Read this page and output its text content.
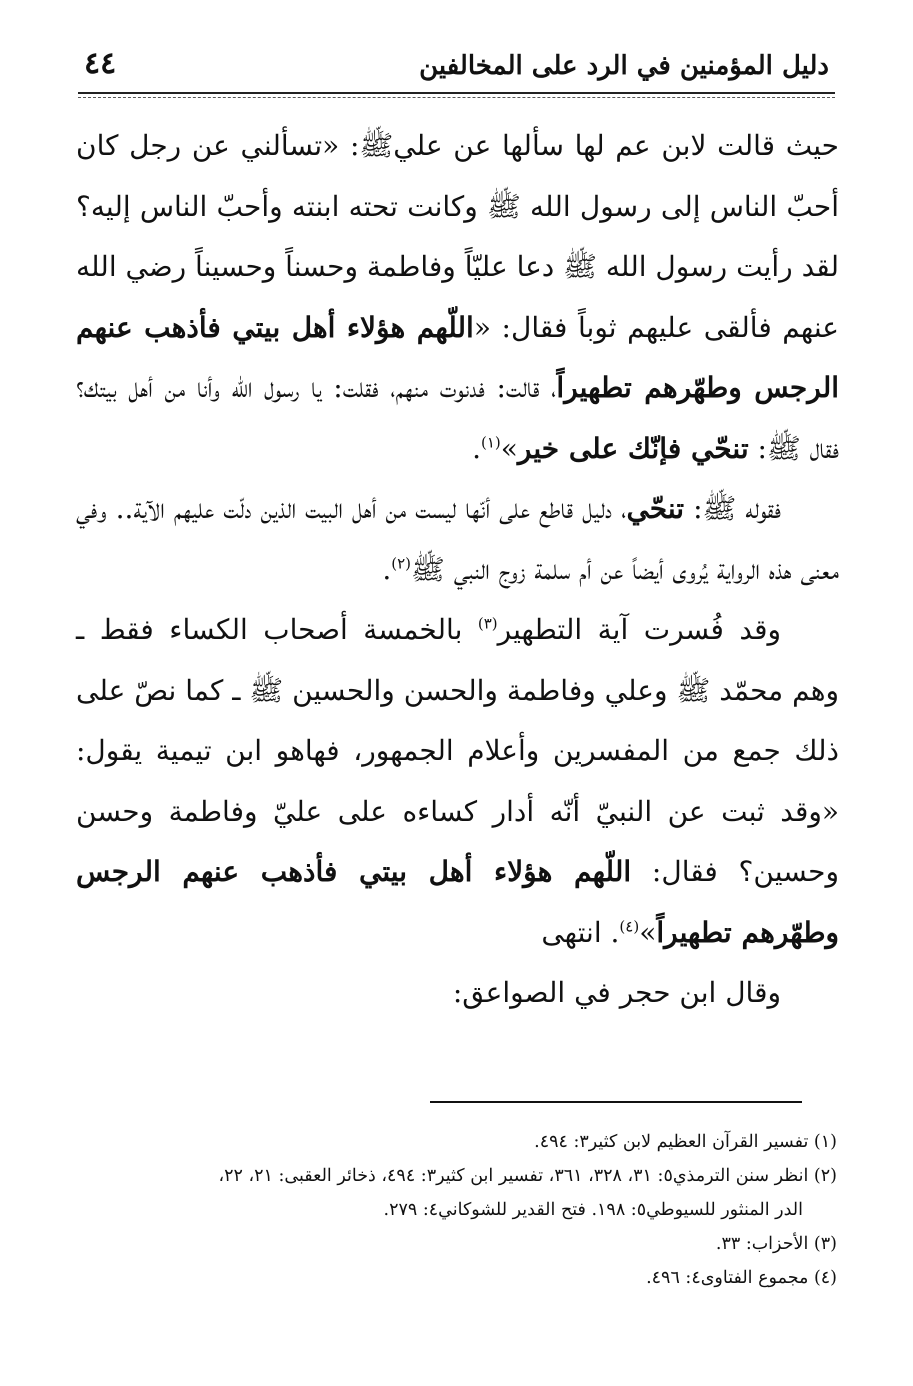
٤٤	دليل المؤمنين في الرد على المخالفين

حيث قالت لابن عم لها سألها عن عليﷺ: «تسألني عن رجل كان أحبّ الناس إلى رسول الله ﷺ وكانت تحته ابنته وأحبّ الناس إليه؟ لقد رأيت رسول الله ﷺ دعا عليّاً وفاطمة وحسناً وحسيناً رضي الله عنهم فألقى عليهم ثوباً فقال: «اللّهم هؤلاء أهل بيتي فأذهب عنهم الرجس وطهّرهم تطهيراً، قالت: فدنوت منهم، فقلت: يا رسول الله وأنا من أهل بيتك؟ فقال ﷺ: تنحّي فإنّك على خير»$^{(١)}$.

فقوله ﷺ: تنحّي، دليل قاطع على أنّها ليست من أهل البيت الذين دلّت عليهم الآية.. وفي معنى هذه الرواية يُروى أيضاً عن أم سلمة زوج النبي ﷺ$^{(٢)}$.

وقد فُسرت آية التطهير$^{(٣)}$ بالخمسة أصحاب الكساء فقط ـ وهم محمّد ﷺ وعلي وفاطمة والحسن والحسين ﷺ ـ كما نصّ على ذلك جمع من المفسرين وأعلام الجمهور، فهاهو ابن تيمية يقول: «وقد ثبت عن النبيّ أنّه أدار كساءه على عليّ وفاطمة وحسن وحسين؟ فقال: اللّهم هؤلاء أهل بيتي فأذهب عنهم الرجس وطهّرهم تطهيراً»$^{(٤)}$. انتهى

وقال ابن حجر في الصواعق:

(١) تفسير القرآن العظيم لابن كثير٣: ٤٩٤.

(٢) انظر سنن الترمذي٥: ٣١، ٣٢٨، ٣٦١، تفسير ابن كثير٣: ٤٩٤، ذخائر العقبى: ٢١، ٢٢،

الدر المنثور للسيوطي٥: ١٩٨. فتح القدير للشوكاني٤: ٢٧٩.

(٣) الأحزاب: ٣٣.

(٤) مجموع الفتاوى٤: ٤٩٦.
